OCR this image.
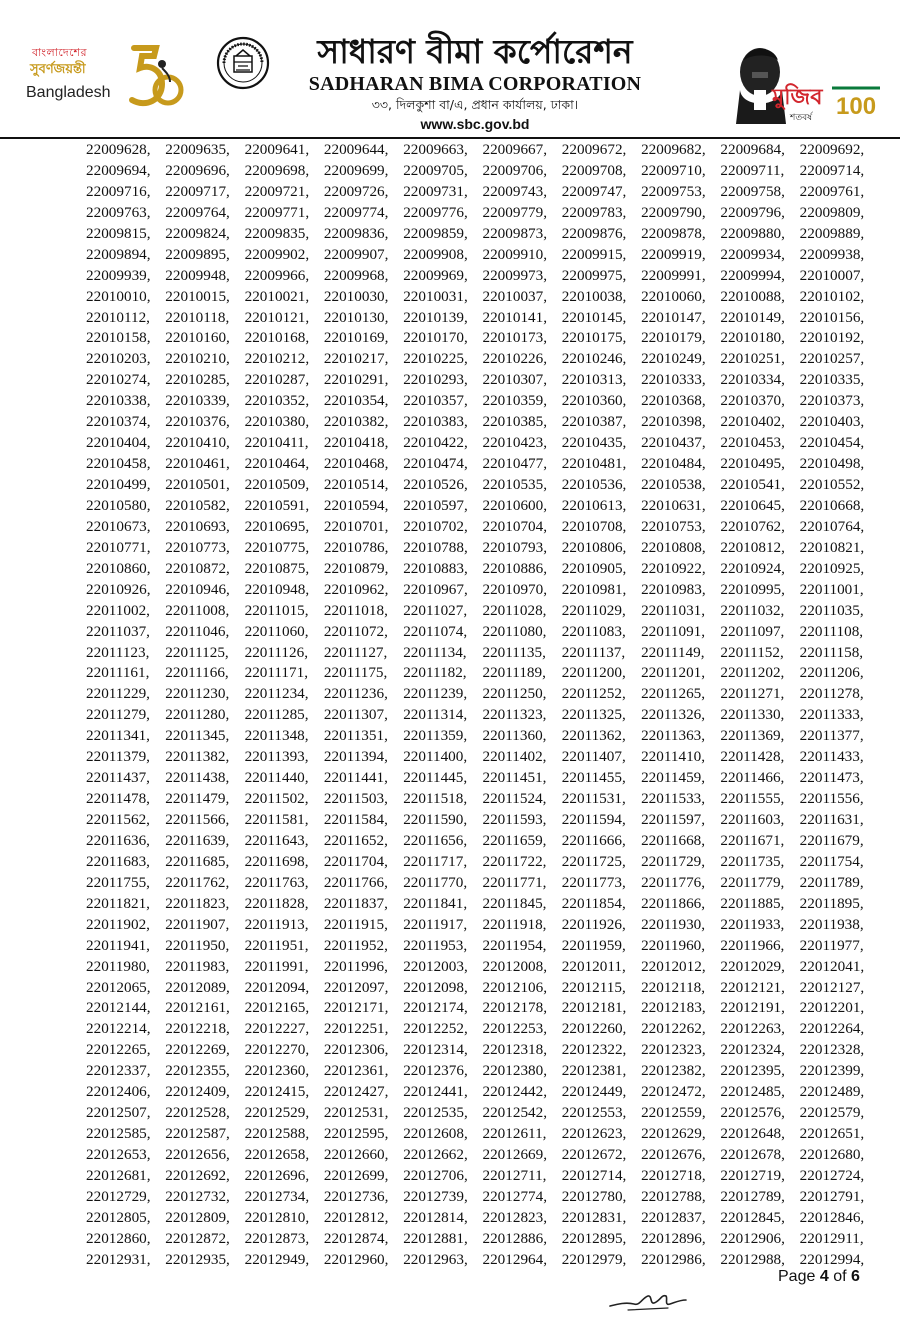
বাংলাদেশের
সুবর্ণজয়ন্তী
Bangladesh
সাধারণ বীমা কর্পোরেশন
SADHARAN BIMA CORPORATION
৩৩, দিলকুশা বা/এ, প্রধান কার্যালয়, ঢাকা।
www.sbc.gov.bd
মুজিব
শতবর্ষ 100
22009628, 22009635, 22009641, 22009644, 22009663, 22009667, 22009672, 22009682, 22009684, 22009692,
22009694, 22009696, 22009698, 22009699, 22009705, 22009706, 22009708, 22009710, 22009711, 22009714,
22009716, 22009717, 22009721, 22009726, 22009731, 22009743, 22009747, 22009753, 22009758, 22009761,
22009763, 22009764, 22009771, 22009774, 22009776, 22009779, 22009783, 22009790, 22009796, 22009809,
22009815, 22009824, 22009835, 22009836, 22009859, 22009873, 22009876, 22009878, 22009880, 22009889,
22009894, 22009895, 22009902, 22009907, 22009908, 22009910, 22009915, 22009919, 22009934, 22009938,
22009939, 22009948, 22009966, 22009968, 22009969, 22009973, 22009975, 22009991, 22009994, 22010007,
22010010, 22010015, 22010021, 22010030, 22010031, 22010037, 22010038, 22010060, 22010088, 22010102,
22010112, 22010118, 22010121, 22010130, 22010139, 22010141, 22010145, 22010147, 22010149, 22010156,
22010158, 22010160, 22010168, 22010169, 22010170, 22010173, 22010175, 22010179, 22010180, 22010192,
22010203, 22010210, 22010212, 22010217, 22010225, 22010226, 22010246, 22010249, 22010251, 22010257,
22010274, 22010285, 22010287, 22010291, 22010293, 22010307, 22010313, 22010333, 22010334, 22010335,
22010338, 22010339, 22010352, 22010354, 22010357, 22010359, 22010360, 22010368, 22010370, 22010373,
22010374, 22010376, 22010380, 22010382, 22010383, 22010385, 22010387, 22010398, 22010402, 22010403,
22010404, 22010410, 22010411, 22010418, 22010422, 22010423, 22010435, 22010437, 22010453, 22010454,
22010458, 22010461, 22010464, 22010468, 22010474, 22010477, 22010481, 22010484, 22010495, 22010498,
22010499, 22010501, 22010509, 22010514, 22010526, 22010535, 22010536, 22010538, 22010541, 22010552,
22010580, 22010582, 22010591, 22010594, 22010597, 22010600, 22010613, 22010631, 22010645, 22010668,
22010673, 22010693, 22010695, 22010701, 22010702, 22010704, 22010708, 22010753, 22010762, 22010764,
22010771, 22010773, 22010775, 22010786, 22010788, 22010793, 22010806, 22010808, 22010812, 22010821,
22010860, 22010872, 22010875, 22010879, 22010883, 22010886, 22010905, 22010922, 22010924, 22010925,
22010926, 22010946, 22010948, 22010962, 22010967, 22010970, 22010981, 22010983, 22010995, 22011001,
22011002, 22011008, 22011015, 22011018, 22011027, 22011028, 22011029, 22011031, 22011032, 22011035,
22011037, 22011046, 22011060, 22011072, 22011074, 22011080, 22011083, 22011091, 22011097, 22011108,
22011123, 22011125, 22011126, 22011127, 22011134, 22011135, 22011137, 22011149, 22011152, 22011158,
22011161, 22011166, 22011171, 22011175, 22011182, 22011189, 22011200, 22011201, 22011202, 22011206,
22011229, 22011230, 22011234, 22011236, 22011239, 22011250, 22011252, 22011265, 22011271, 22011278,
22011279, 22011280, 22011285, 22011307, 22011314, 22011323, 22011325, 22011326, 22011330, 22011333,
22011341, 22011345, 22011348, 22011351, 22011359, 22011360, 22011362, 22011363, 22011369, 22011377,
22011379, 22011382, 22011393, 22011394, 22011400, 22011402, 22011407, 22011410, 22011428, 22011433,
22011437, 22011438, 22011440, 22011441, 22011445, 22011451, 22011455, 22011459, 22011466, 22011473,
22011478, 22011479, 22011502, 22011503, 22011518, 22011524, 22011531, 22011533, 22011555, 22011556,
22011562, 22011566, 22011581, 22011584, 22011590, 22011593, 22011594, 22011597, 22011603, 22011631,
22011636, 22011639, 22011643, 22011652, 22011656, 22011659, 22011666, 22011668, 22011671, 22011679,
22011683, 22011685, 22011698, 22011704, 22011717, 22011722, 22011725, 22011729, 22011735, 22011754,
22011755, 22011762, 22011763, 22011766, 22011770, 22011771, 22011773, 22011776, 22011779, 22011789,
22011821, 22011823, 22011828, 22011837, 22011841, 22011845, 22011854, 22011866, 22011885, 22011895,
22011902, 22011907, 22011913, 22011915, 22011917, 22011918, 22011926, 22011930, 22011933, 22011938,
22011941, 22011950, 22011951, 22011952, 22011953, 22011954, 22011959, 22011960, 22011966, 22011977,
22011980, 22011983, 22011991, 22011996, 22012003, 22012008, 22012011, 22012012, 22012029, 22012041,
22012065, 22012089, 22012094, 22012097, 22012098, 22012106, 22012115, 22012118, 22012121, 22012127,
22012144, 22012161, 22012165, 22012171, 22012174, 22012178, 22012181, 22012183, 22012191, 22012201,
22012214, 22012218, 22012227, 22012251, 22012252, 22012253, 22012260, 22012262, 22012263, 22012264,
22012265, 22012269, 22012270, 22012306, 22012314, 22012318, 22012322, 22012323, 22012324, 22012328,
22012337, 22012355, 22012360, 22012361, 22012376, 22012380, 22012381, 22012382, 22012395, 22012399,
22012406, 22012409, 22012415, 22012427, 22012441, 22012442, 22012449, 22012472, 22012485, 22012489,
22012507, 22012528, 22012529, 22012531, 22012535, 22012542, 22012553, 22012559, 22012576, 22012579,
22012585, 22012587, 22012588, 22012595, 22012608, 22012611, 22012623, 22012629, 22012648, 22012651,
22012653, 22012656, 22012658, 22012660, 22012662, 22012669, 22012672, 22012676, 22012678, 22012680,
22012681, 22012692, 22012696, 22012699, 22012706, 22012711, 22012714, 22012718, 22012719, 22012724,
22012729, 22012732, 22012734, 22012736, 22012739, 22012774, 22012780, 22012788, 22012789, 22012791,
22012805, 22012809, 22012810, 22012812, 22012814, 22012823, 22012831, 22012837, 22012845, 22012846,
22012860, 22012872, 22012873, 22012874, 22012881, 22012886, 22012895, 22012896, 22012906, 22012911,
22012931, 22012935, 22012949, 22012960, 22012963, 22012964, 22012979, 22012986, 22012988, 22012994,
Page 4 of 6
